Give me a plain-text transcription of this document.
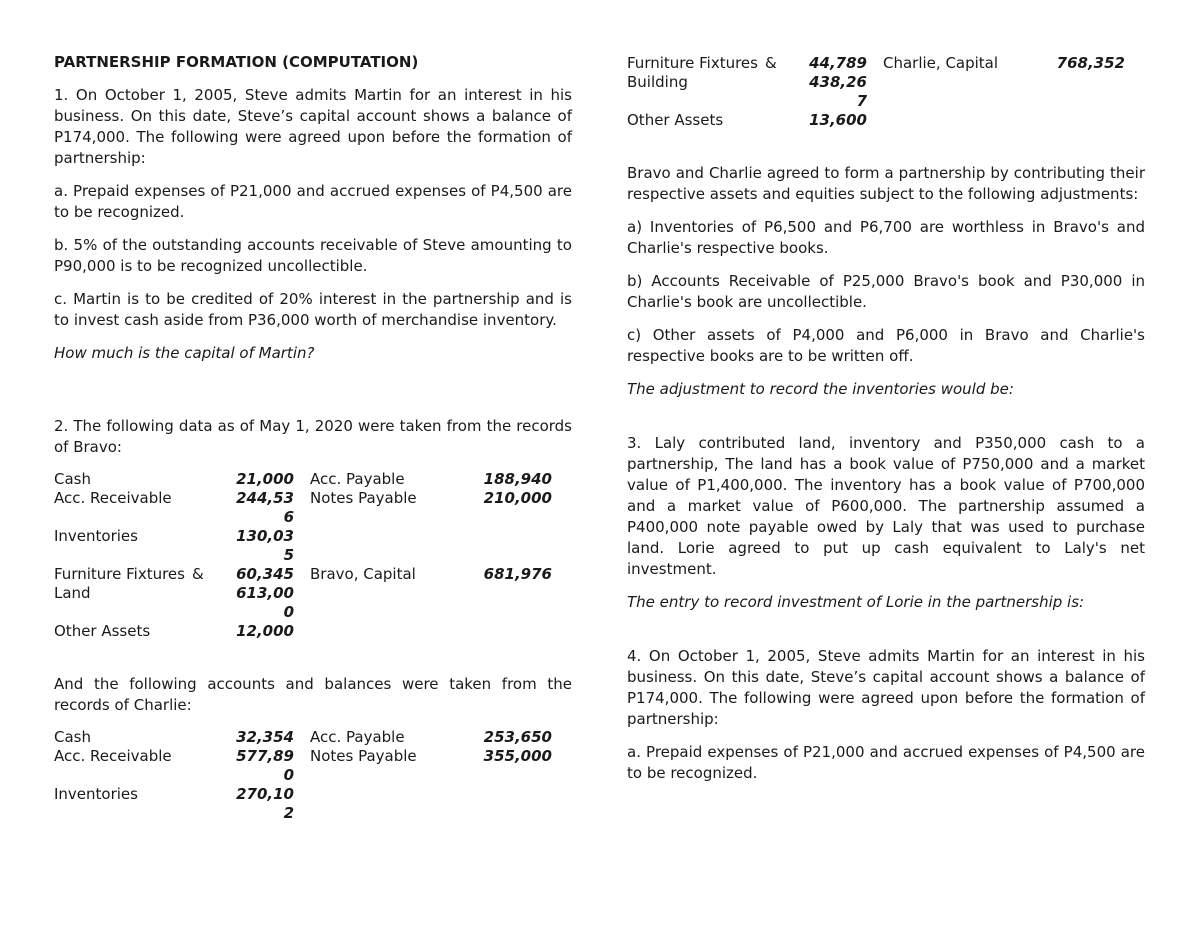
PARTNERSHIP FORMATION (COMPUTATION)

1. On October 1, 2005, Steve admits Martin for an interest in his business. On this date, Steve’s capital account shows a balance of P174,000. The following were agreed upon before the formation of partnership:

a. Prepaid expenses of P21,000 and accrued expenses of P4,500 are to be recognized.

b. 5% of the outstanding accounts receivable of Steve amounting to P90,000 is to be recognized uncollectible.

c. Martin is to be credited of 20% interest in the partnership and is to invest cash aside from P36,000 worth of merchandise inventory.

How much is the capital of Martin?

2. The following data as of May 1, 2020 were taken from the records of Bravo:

Cash		21,000	Acc. Payable	188,940
Acc. Receivable		244,536	Notes Payable	210,000
Inventories		130,035		
Furniture Fixtures	&	60,345	Bravo, Capital	681,976
Land		613,000		
Other Assets		12,000		

And the following accounts and balances were taken from the records of Charlie:

Cash		32,354	Acc. Payable	253,650
Acc. Receivable		577,890	Notes Payable	355,000
Inventories		270,102		
Furniture Fixtures	&	44,789	Charlie, Capital	768,352
Building		438,267		
Other Assets		13,600		

Bravo and Charlie agreed to form a partnership by contributing their respective assets and equities subject to the following adjustments:

a) Inventories of P6,500 and P6,700 are worthless in Bravo's and Charlie's respective books.

b) Accounts Receivable of P25,000 Bravo's book and P30,000 in Charlie's book are uncollectible.

c) Other assets of P4,000 and P6,000 in Bravo and Charlie's respective books are to be written off.

The adjustment to record the inventories would be:

3. Laly contributed land, inventory and P350,000 cash to a partnership, The land has a book value of P750,000 and a market value of P1,400,000. The inventory has a book value of P700,000 and a market value of P600,000. The partnership assumed a P400,000 note payable owed by Laly that was used to purchase land. Lorie agreed to put up cash equivalent to Laly's net investment.

The entry to record investment of Lorie in the partnership is:

4. On October 1, 2005, Steve admits Martin for an interest in his business. On this date, Steve’s capital account shows a balance of P174,000. The following were agreed upon before the formation of partnership:

a. Prepaid expenses of P21,000 and accrued expenses of P4,500 are to be recognized.
